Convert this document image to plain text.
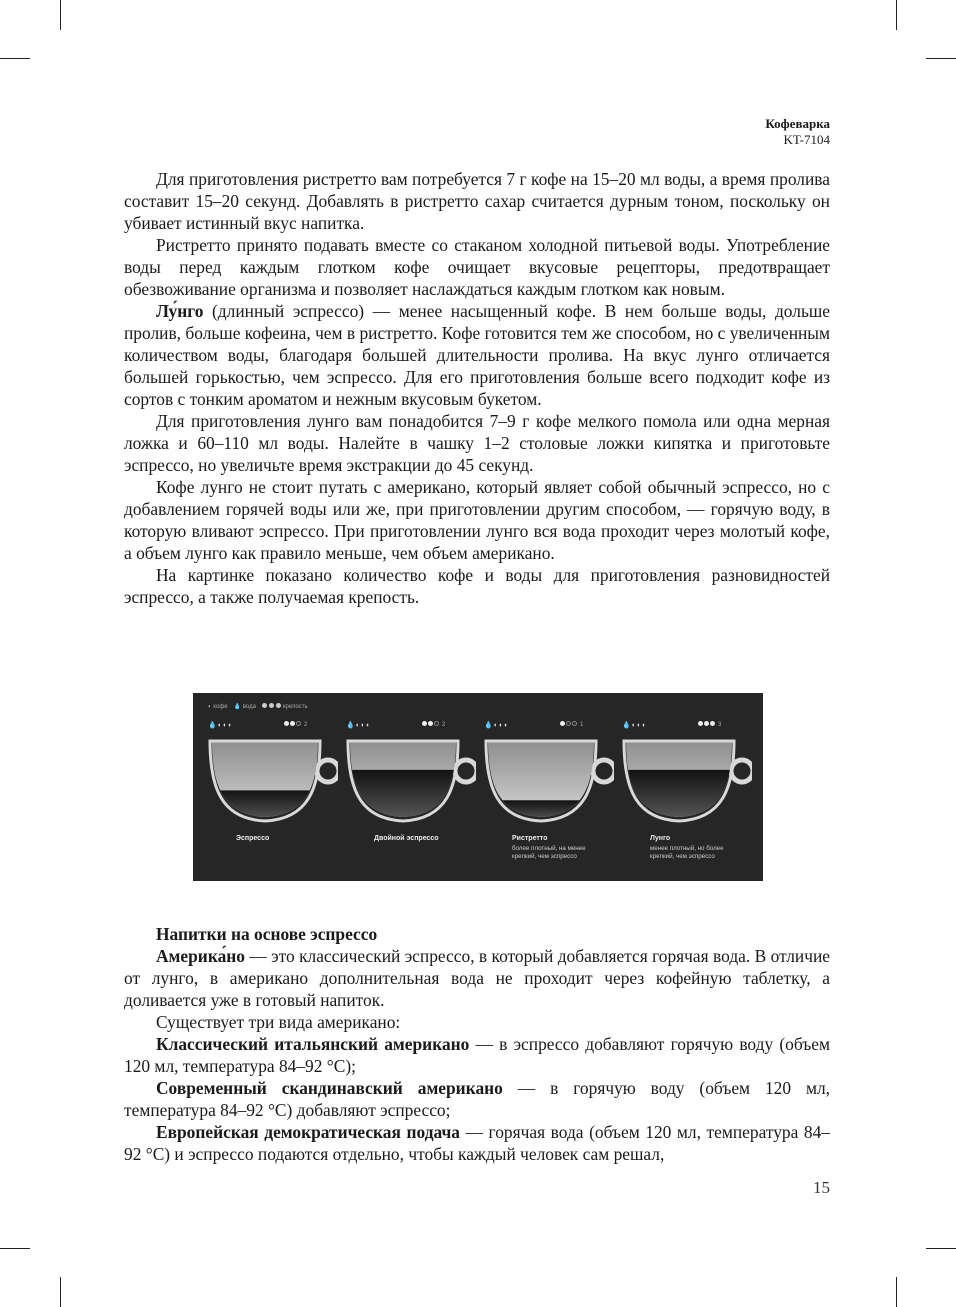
Кофеварка
KT-7104

Для приготовления ристретто вам потребуется 7 г кофе на 15–20 мл воды, а время пролива составит 15–20 секунд. Добавлять в ристретто сахар считается дурным тоном, поскольку он убивает истинный вкус напитка.

Ристретто принято подавать вместе со стаканом холодной питьевой воды. Употребление воды перед каждым глотком кофе очищает вкусовые рецепторы, предотвращает обезвоживание организма и позволяет наслаждаться каждым глотком как новым.

Лу́нго (длинный эспрессо) — менее насыщенный кофе. В нем больше воды, дольше пролив, больше кофеина, чем в ристретто. Кофе готовится тем же способом, но с увеличенным количеством воды, благодаря большей длительности пролива. На вкус лунго отличается большей горькостью, чем эспрессо. Для его приготовления больше всего подходит кофе из сортов с тонким ароматом и нежным вкусовым букетом.

Для приготовления лунго вам понадобится 7–9 г кофе мелкого помола или одна мерная ложка и 60–110 мл воды. Налейте в чашку 1–2 столовые ложки кипятка и приготовьте эспрессо, но увеличьте время экстракции до 45 секунд.

Кофе лунго не стоит путать с американо, который являет собой обычный эспрессо, но с добавлением горячей воды или же, при приготовлении другим способом, — горячую воду, в которую вливают эспрессо. При приготовлении лунго вся вода проходит через молотый кофе, а объем лунго как правило меньше, чем объем американо.

На картинке показано количество кофе и воды для приготовления разновидностей эспрессо, а также получаемая крепость.

◐ кофе 💧 вода	крепость
💧◐◐◐	2
Эспрессо
💧◐◐◐	2
Двойной эспрессо
💧◐◐◐	1
Ристретто
более плотный, на менее крепкий, чем эспрессо
💧◐◐◐	3
Лунго
менее плотный, но более крепкий, чем эспрессо

Напитки на основе эспрессо

Америка́но — это классический эспрессо, в который добавляется горячая вода. В отличие от лунго, в американо дополнительная вода не проходит через кофейную таблетку, а доливается уже в готовый напиток.

Существует три вида американо:

Классический итальянский американо — в эспрессо добавляют горячую воду (объем 120 мл, температура 84–92 °C);

Современный скандинавский американо — в горячую воду (объем 120 мл, температура 84–92 °C) добавляют эспрессо;

Европейская демократическая подача — горячая вода (объем 120 мл, температура 84–92 °C) и эспрессо подаются отдельно, чтобы каждый человек сам решал,

15
